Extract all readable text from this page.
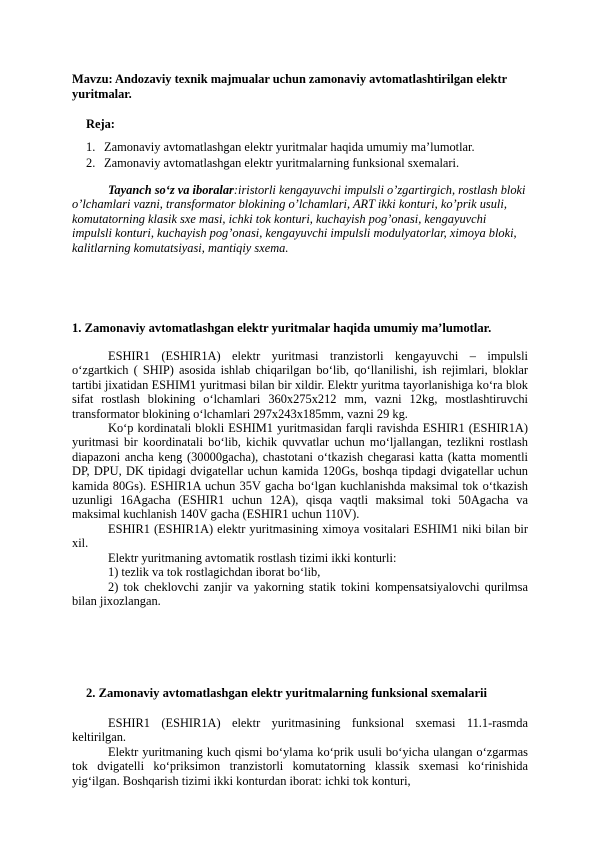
Mavzu: Andozaviy texnik majmualar uchun zamonaviy avtomatlashtirilgan elektr yuritmalar.
Reja:
1. Zamonaviy avtomatlashgan elektr yuritmalar haqida umumiy ma’lumotlar.
2. Zamonaviy avtomatlashgan elektr yuritmalarning funksional sxemalari.
Tayanch so‘z va iboralar:iristorli kengayuvchi impulsli o’zgartirgich, rostlash bloki o’lchamlari vazni, transformator blokining o’lchamlari, ART ikki konturi, ko’prik usuli, komutatorning klasik sxe masi, ichki tok konturi, kuchayish pog’onasi, kengayuvchi impulsli konturi, kuchayish pog’onasi, kengayuvchi impulsli modulyatorlar, ximoya bloki, kalitlarning komutatsiyasi, mantiqiy sxema.
1. Zamonaviy avtomatlashgan elektr yuritmalar haqida umumiy ma’lumotlar.

ESHIR1 (ESHIR1A) elektr yuritmasi tranzistorli kengayuvchi – impulsli o‘zgartkich ( SHIP) asosida ishlab chiqarilgan bo‘lib, qo‘llanilishi, ish rejimlari, bloklar tartibi jixatidan ESHIM1 yuritmasi bilan bir xildir. Elektr yuritma tayorlanishiga ko‘ra blok sifat rostlash blokining o‘lchamlari 360x275x212 mm, vazni 12kg, mostlashtiruvchi transformator blokining o‘lchamlari 297x243x185mm, vazni 29 kg.

Ko‘p kordinatali blokli ESHIM1 yuritmasidan farqli ravishda ESHIR1 (ESHIR1A) yuritmasi bir koordinatali bo‘lib, kichik quvvatlar uchun mo‘ljallangan, tezlikni rostlash diapazoni ancha keng (30000gacha), chastotani o‘tkazish chegarasi katta (katta momentli DP, DPU, DK tipidagi dvigatellar uchun kamida 120Gs, boshqa tipdagi dvigatellar uchun kamida 80Gs). ESHIR1A uchun 35V gacha bo‘lgan kuchlanishda maksimal tok o‘tkazish uzunligi 16Agacha (ESHIR1 uchun 12A), qisqa vaqtli maksimal toki 50Agacha va maksimal kuchlanish 140V gacha (ESHIR1 uchun 110V).

ESHIR1 (ESHIR1A) elektr yuritmasining ximoya vositalari ESHIM1 niki bilan bir xil.

Elektr yuritmaning avtomatik rostlash tizimi ikki konturli:

1) tezlik va tok rostlagichdan iborat bo‘lib,

2) tok cheklovchi zanjir va yakorning statik tokini kompensatsiyalovchi qurilmsa bilan jixozlangan.

2. Zamonaviy avtomatlashgan elektr yuritmalarning funksional sxemalarii

ESHIR1 (ESHIR1A) elektr yuritmasining funksional sxemasi 11.1-rasmda keltirilgan.

Elektr yuritmaning kuch qismi bo‘ylama ko‘prik usuli bo‘yicha ulangan o‘zgarmas tok dvigatelli ko‘priksimon tranzistorli komutatorning klassik sxemasi ko‘rinishida yig‘ilgan. Boshqarish tizimi ikki konturdan iborat: ichki tok konturi,
